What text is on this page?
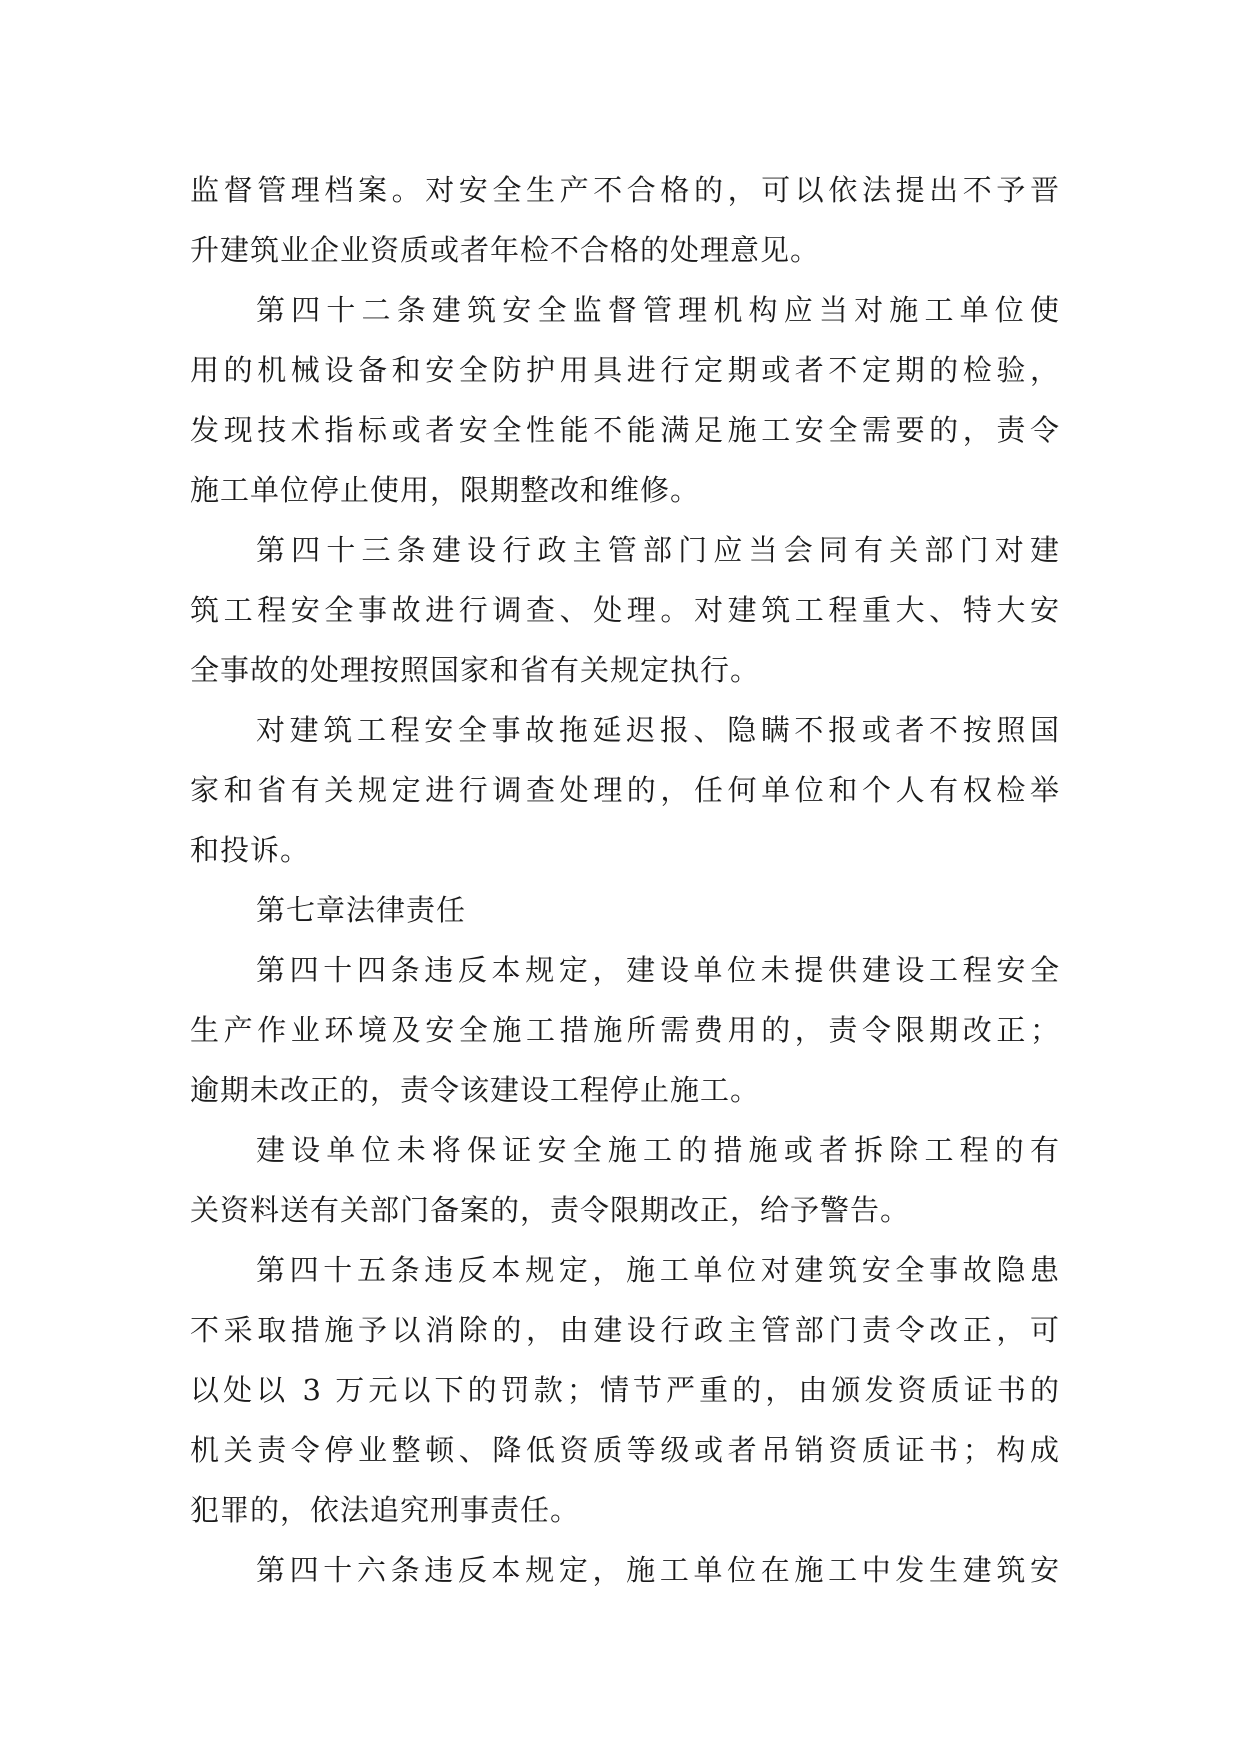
监督管理档案。对安全生产不合格的，可以依法提出不予晋
升建筑业企业资质或者年检不合格的处理意见。
第四十二条建筑安全监督管理机构应当对施工单位使
用的机械设备和安全防护用具进行定期或者不定期的检验，
发现技术指标或者安全性能不能满足施工安全需要的，责令
施工单位停止使用，限期整改和维修。
第四十三条建设行政主管部门应当会同有关部门对建
筑工程安全事故进行调查、处理。对建筑工程重大、特大安
全事故的处理按照国家和省有关规定执行。
对建筑工程安全事故拖延迟报、隐瞒不报或者不按照国
家和省有关规定进行调查处理的，任何单位和个人有权检举
和投诉。
第七章法律责任
第四十四条违反本规定，建设单位未提供建设工程安全
生产作业环境及安全施工措施所需费用的，责令限期改正；
逾期未改正的，责令该建设工程停止施工。
建设单位未将保证安全施工的措施或者拆除工程的有
关资料送有关部门备案的，责令限期改正，给予警告。
第四十五条违反本规定，施工单位对建筑安全事故隐患
不采取措施予以消除的，由建设行政主管部门责令改正，可
以处以 3 万元以下的罚款；情节严重的，由颁发资质证书的
机关责令停业整顿、降低资质等级或者吊销资质证书；构成
犯罪的，依法追究刑事责任。
第四十六条违反本规定，施工单位在施工中发生建筑安
